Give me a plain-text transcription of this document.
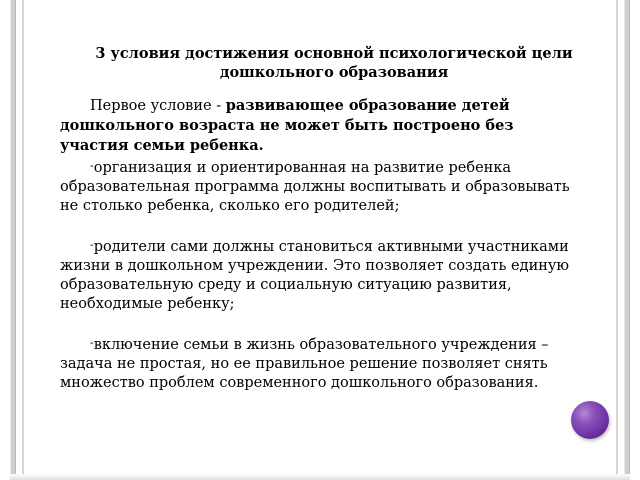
3 условия достижения основной психологической цели дошкольного образования

Первое условие - развивающее образование детей дошкольного возраста не может быть построено без участия семьи ребенка.

-организация и ориентированная на развитие ребенка образовательная программа должны воспитывать и образовывать не столько ребенка, сколько его родителей;

-родители сами должны становиться активными участниками жизни в дошкольном учреждении. Это позволяет создать единую образовательную среду и социальную ситуацию развития, необходимые ребенку;

-включение семьи в жизнь образовательного учреждения – задача не простая, но ее правильное решение позволяет снять множество проблем современного дошкольного образования.
